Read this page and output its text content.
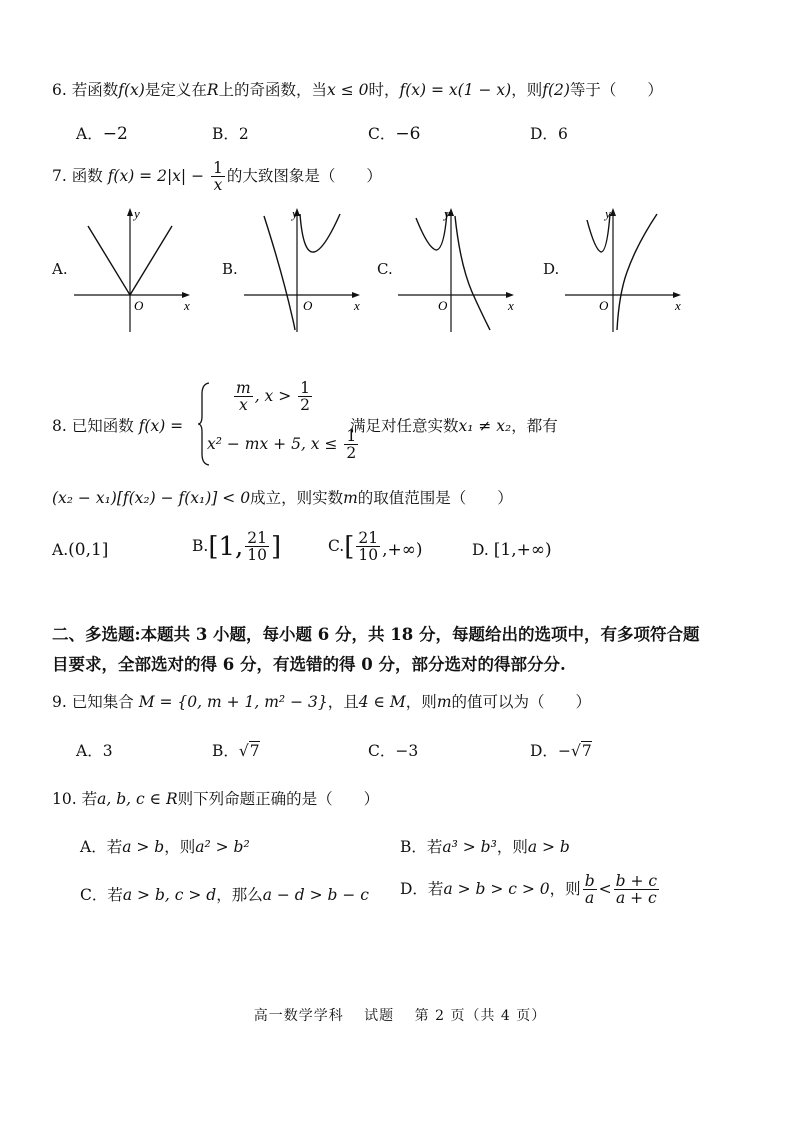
6. 若函数f(x)是定义在R上的奇函数，当x ≤ 0时，f(x) = x(1 − x)，则f(2)等于（　　）
A．−2	B．2	C．−6	D．6
7. 函数 $f(x) = 2|x| - \frac{1}{x}$ 的大致图象是（　　）
A.
y
x
O
B.
y
x
O
C.
y
x
O
D.
y
x
O
8. 已知函数 f(x) =
$\frac{m}{x}$ , $x > \frac{1}{2}$
x² − mx + 5, $x \le \frac{1}{2}$
满足对任意实数x₁ ≠ x₂，都有
(x₂ − x₁)[f(x₂) − f(x₁)] < 0成立，则实数m的取值范围是（　　）
A.(0,1]	B.[1, $\frac{21}{10}$ ]	$C.[ \frac{21}{10}$ ,+∞)	D. [1,+∞)
二、多选题:本题共 3 小题，每小题 6 分，共 18 分，每题给出的选项中，有多项符合题
目要求，全部选对的得 6 分，有选错的得 0 分，部分选对的得部分分.
9. 已知集合 M = {0, m + 1, m² − 3}，且4 ∈ M，则m的值可以为（　　）
A．3	B．√7	C．−3	D．−√7
10. 若a, b, c ∈ R则下列命题正确的是（　　）
A．若a > b，则a² > b²	B．若a³ > b³，则a > b
C．若a > b, c > d，那么a − d > b − c D．若a > b > c > 0，则 $\frac{b}{a} < \frac{b + c}{a + c}$
高一数学学科　 试题　 第 2 页（共 4 页）
